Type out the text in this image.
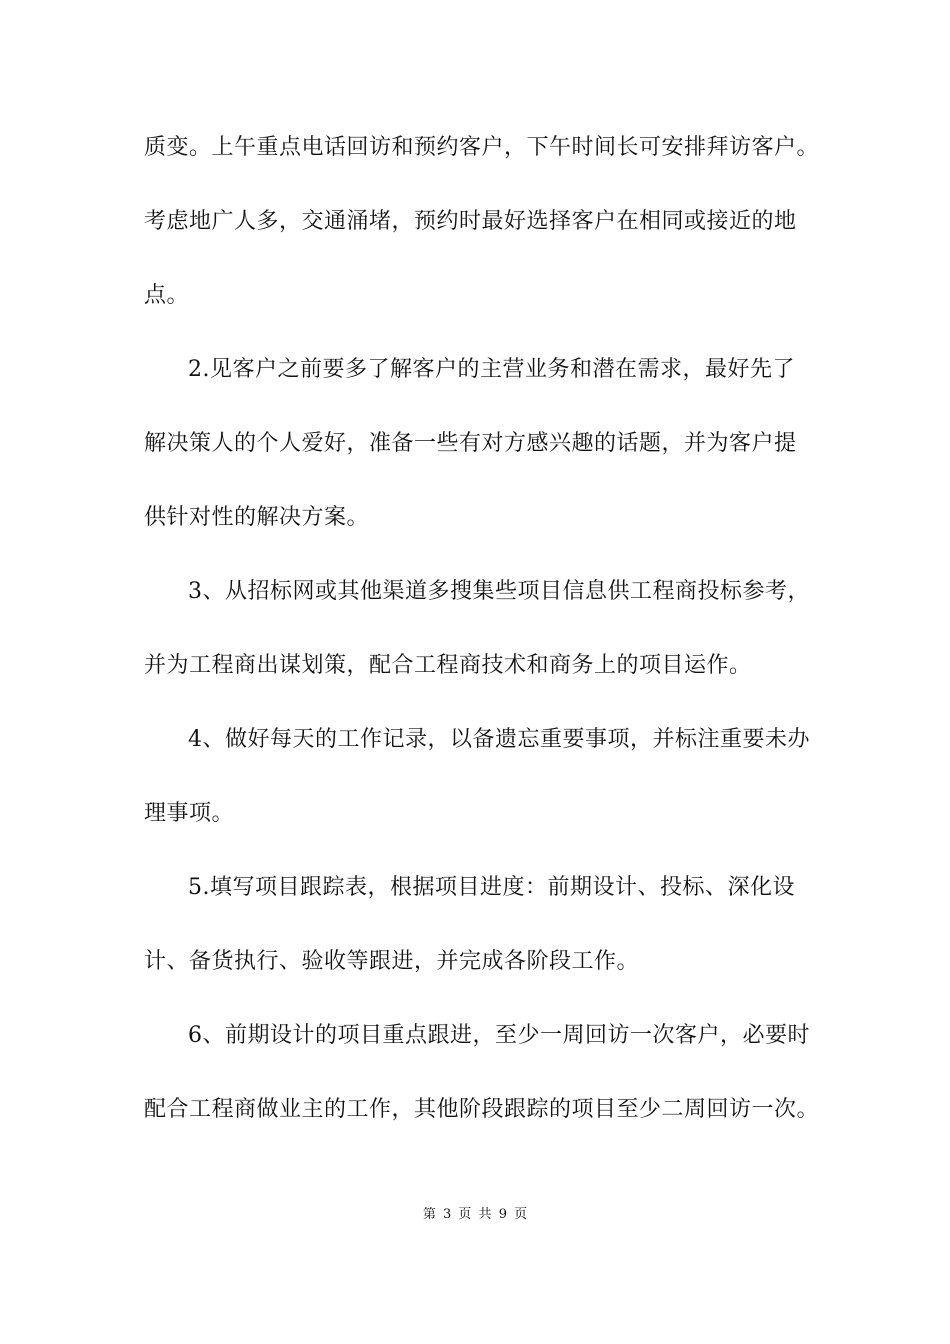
质变。上午重点电话回访和预约客户，下午时间长可安排拜访客户。
考虑地广人多，交通涌堵，预约时最好选择客户在相同或接近的地
点。
2.见客户之前要多了解客户的主营业务和潜在需求，最好先了
解决策人的个人爱好，准备一些有对方感兴趣的话题，并为客户提
供针对性的解决方案。
3、从招标网或其他渠道多搜集些项目信息供工程商投标参考，
并为工程商出谋划策，配合工程商技术和商务上的项目运作。
4、做好每天的工作记录，以备遗忘重要事项，并标注重要未办
理事项。
5.填写项目跟踪表，根据项目进度：前期设计、投标、深化设
计、备货执行、验收等跟进，并完成各阶段工作。
6、前期设计的项目重点跟进，至少一周回访一次客户，必要时
配合工程商做业主的工作，其他阶段跟踪的项目至少二周回访一次。
第 3 页 共 9 页
